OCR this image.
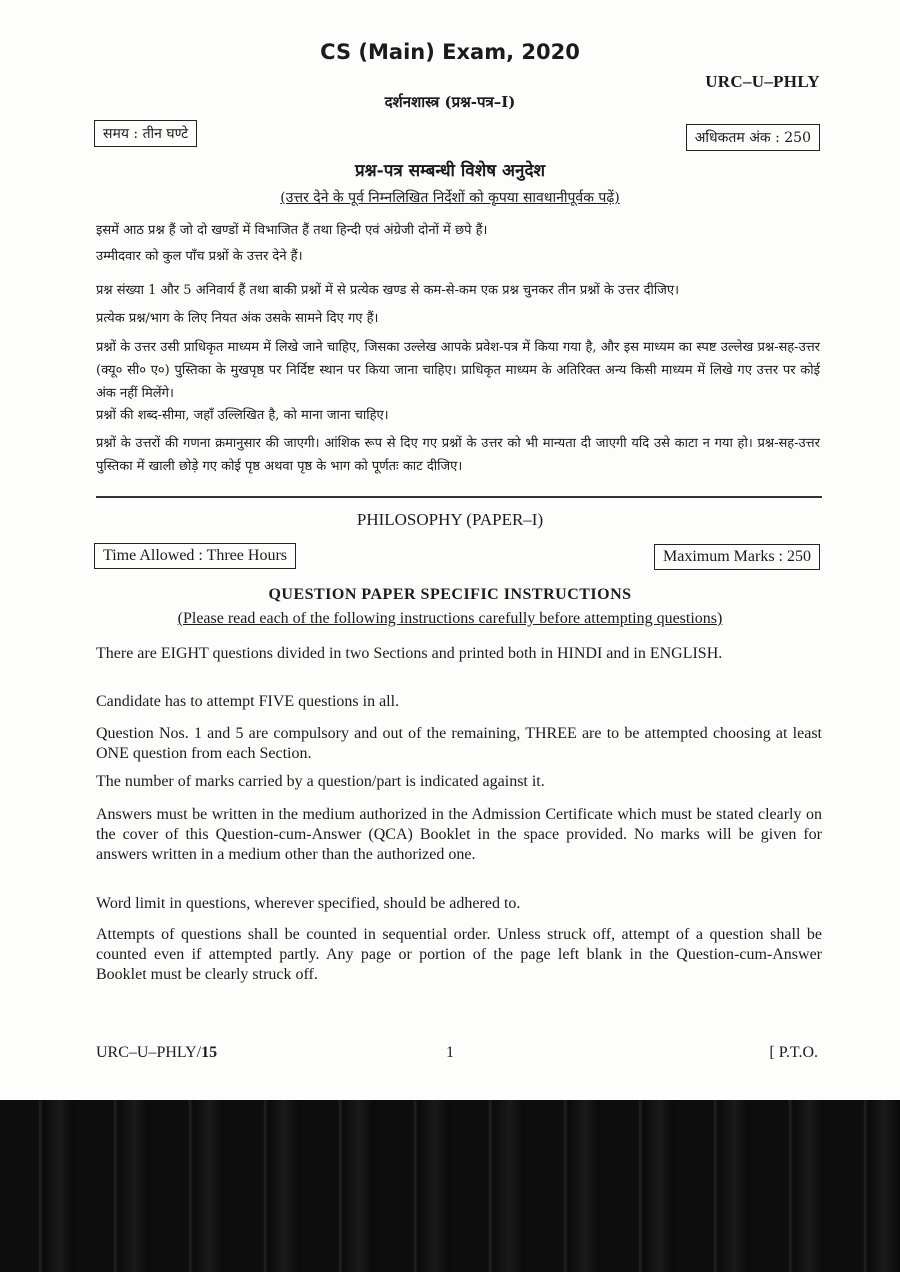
CS (Main) Exam, 2020
URC–U–PHLY
दर्शनशास्त्र (प्रश्न-पत्र–I)
समय : तीन घण्टे	अधिकतम अंक : 250
प्रश्न-पत्र सम्बन्धी विशेष अनुदेश
(उत्तर देने के पूर्व निम्नलिखित निर्देशों को कृपया सावधानीपूर्वक पढ़ें)

इसमें आठ प्रश्न हैं जो दो खण्डों में विभाजित हैं तथा हिन्दी एवं अंग्रेजी दोनों में छपे हैं।

उम्मीदवार को कुल पाँच प्रश्नों के उत्तर देने हैं।

प्रश्न संख्या 1 और 5 अनिवार्य हैं तथा बाकी प्रश्नों में से प्रत्येक खण्ड से कम-से-कम एक प्रश्न चुनकर तीन प्रश्नों के उत्तर दीजिए।

प्रत्येक प्रश्न/भाग के लिए नियत अंक उसके सामने दिए गए हैं।

प्रश्नों के उत्तर उसी प्राधिकृत माध्यम में लिखे जाने चाहिए, जिसका उल्लेख आपके प्रवेश-पत्र में किया गया है, और इस माध्यम का स्पष्ट उल्लेख प्रश्न-सह-उत्तर (क्यू० सी० ए०) पुस्तिका के मुखपृष्ठ पर निर्दिष्ट स्थान पर किया जाना चाहिए। प्राधिकृत माध्यम के अतिरिक्त अन्य किसी माध्यम में लिखे गए उत्तर पर कोई अंक नहीं मिलेंगे।

प्रश्नों की शब्द-सीमा, जहाँ उल्लिखित है, को माना जाना चाहिए।

प्रश्नों के उत्तरों की गणना क्रमानुसार की जाएगी। आंशिक रूप से दिए गए प्रश्नों के उत्तर को भी मान्यता दी जाएगी यदि उसे काटा न गया हो। प्रश्न-सह-उत्तर पुस्तिका में खाली छोड़े गए कोई पृष्ठ अथवा पृष्ठ के भाग को पूर्णतः काट दीजिए।

PHILOSOPHY (PAPER–I)
Time Allowed : Three Hours	Maximum Marks : 250
QUESTION PAPER SPECIFIC INSTRUCTIONS
(Please read each of the following instructions carefully before attempting questions)

There are EIGHT questions divided in two Sections and printed both in HINDI and in ENGLISH.

Candidate has to attempt FIVE questions in all.

Question Nos. 1 and 5 are compulsory and out of the remaining, THREE are to be attempted choosing at least ONE question from each Section.

The number of marks carried by a question/part is indicated against it.

Answers must be written in the medium authorized in the Admission Certificate which must be stated clearly on the cover of this Question-cum-Answer (QCA) Booklet in the space provided. No marks will be given for answers written in a medium other than the authorized one.

Word limit in questions, wherever specified, should be adhered to.

Attempts of questions shall be counted in sequential order. Unless struck off, attempt of a question shall be counted even if attempted partly. Any page or portion of the page left blank in the Question-cum-Answer Booklet must be clearly struck off.

URC–U–PHLY/15	1	[ P.T.O.
